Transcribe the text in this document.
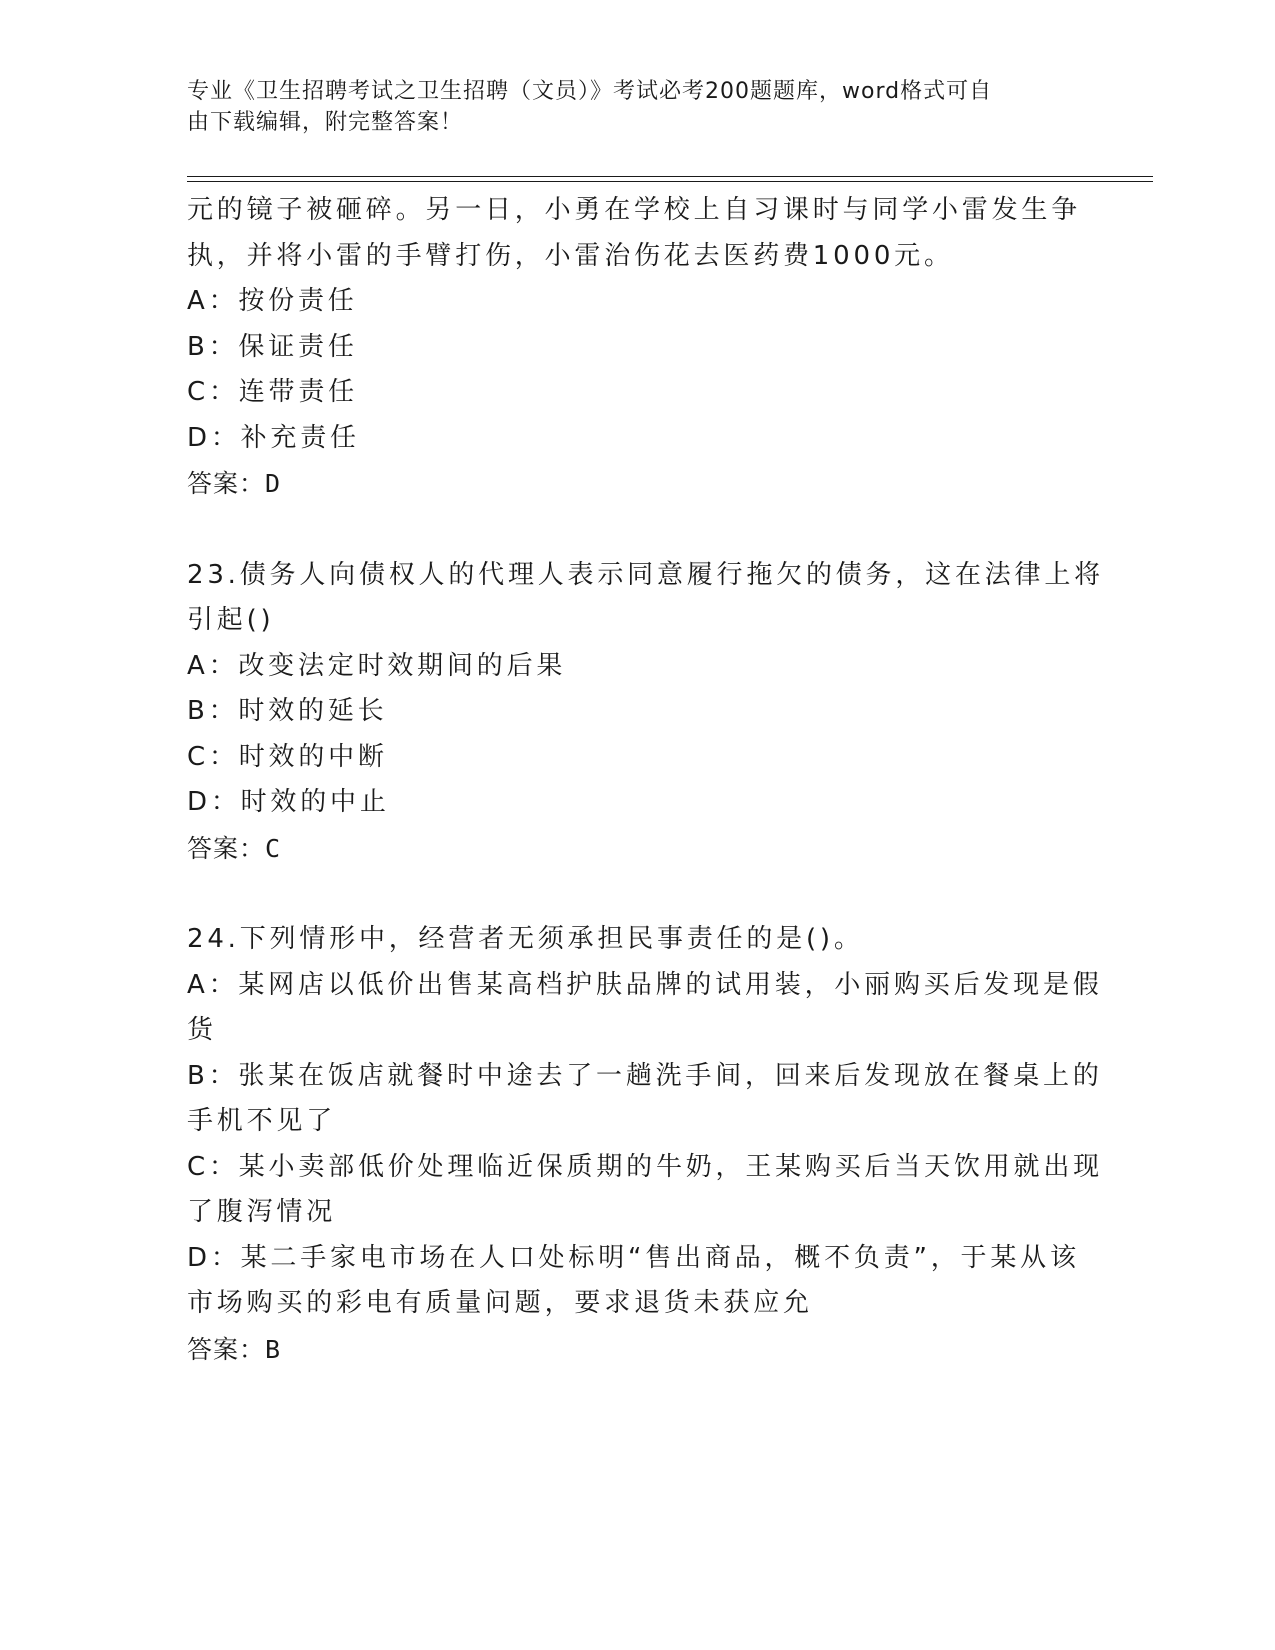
专业《卫生招聘考试之卫生招聘（文员）》考试必考200题题库，word格式可自
由下载编辑，附完整答案！
元的镜子被砸碎。另一日，小勇在学校上自习课时与同学小雷发生争
执，并将小雷的手臂打伤，小雷治伤花去医药费1000元。
A：按份责任
B：保证责任
C：连带责任
D：补充责任
答案：D
23.债务人向债权人的代理人表示同意履行拖欠的债务，这在法律上将
引起()
A：改变法定时效期间的后果
B：时效的延长
C：时效的中断
D：时效的中止
答案：C
24.下列情形中，经营者无须承担民事责任的是()。
A：某网店以低价出售某高档护肤品牌的试用装，小丽购买后发现是假
货
B：张某在饭店就餐时中途去了一趟洗手间，回来后发现放在餐桌上的
手机不见了
C：某小卖部低价处理临近保质期的牛奶，王某购买后当天饮用就出现
了腹泻情况
D：某二手家电市场在人口处标明“售出商品，概不负责”，于某从该
市场购买的彩电有质量问题，要求退货未获应允
答案：B
